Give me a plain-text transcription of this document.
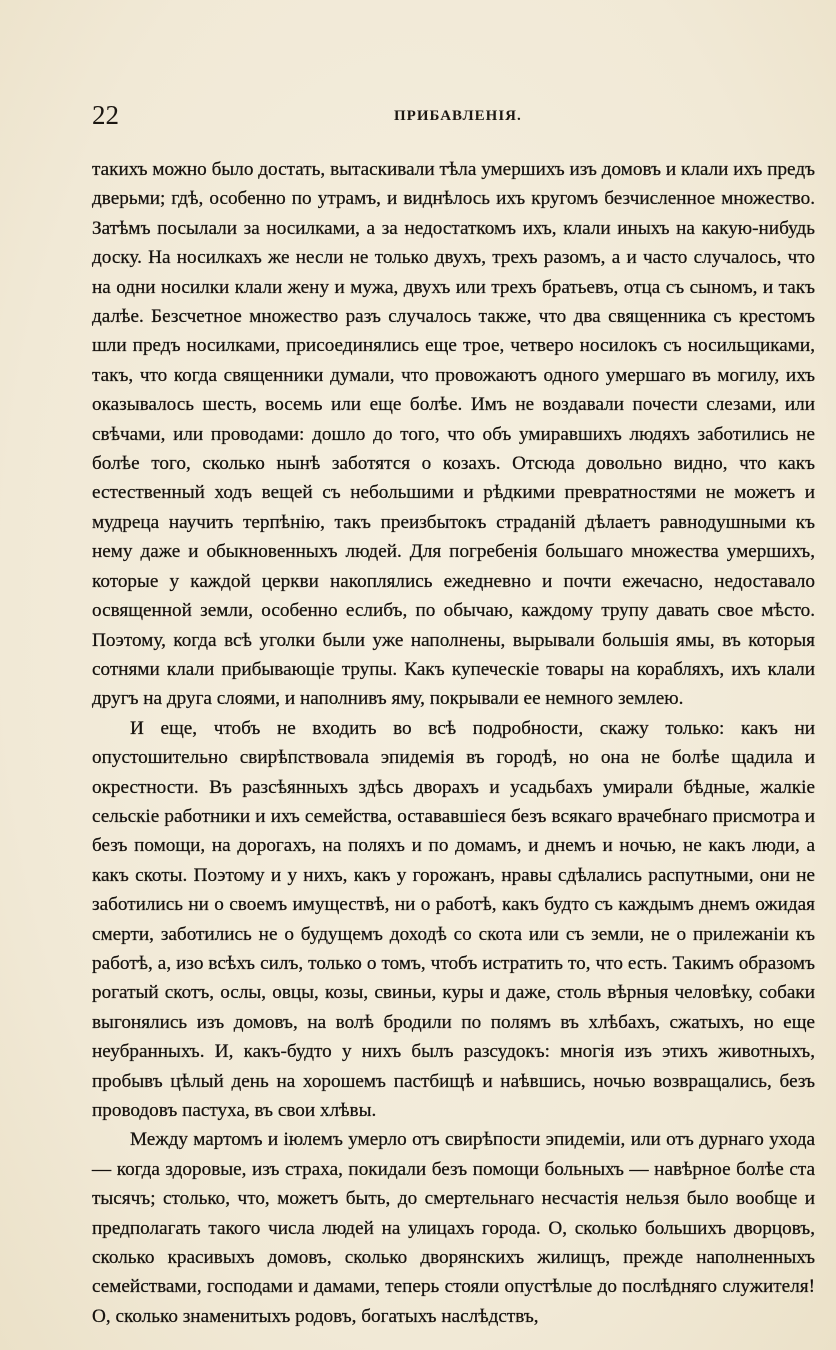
22	ПРИБАВЛЕНІЯ.

такихъ можно было достать, вытаскивали тѣла умершихъ изъ домовъ и клали ихъ предъ дверьми; гдѣ, особенно по утрамъ, и виднѣлось ихъ кругомъ безчисленное множество. Затѣмъ посылали за носилками, а за недостаткомъ ихъ, клали иныхъ на какую-нибудь доску. На носилкахъ же несли не только двухъ, трехъ разомъ, а и часто случалось, что на одни носилки клали жену и мужа, двухъ или трехъ братьевъ, отца съ сыномъ, и такъ далѣе. Безсчетное множество разъ случалось также, что два священника съ крестомъ шли предъ носилками, присоединялись еще трое, четверо носилокъ съ носильщиками, такъ, что когда священники думали, что провожаютъ одного умершаго въ могилу, ихъ оказывалось шесть, восемь или еще болѣе. Имъ не воздавали почести слезами, или свѣчами, или проводами: дошло до того, что объ умиравшихъ людяхъ заботились не болѣе того, сколько нынѣ заботятся о козахъ. Отсюда довольно видно, что какъ естественный ходъ вещей съ небольшими и рѣдкими превратностями не можетъ и мудреца научить терпѣнію, такъ преизбытокъ страданій дѣлаетъ равнодушными къ нему даже и обыкновенныхъ людей. Для погребенія большаго множества умершихъ, которые у каждой церкви накоплялись ежедневно и почти ежечасно, недоставало освященной земли, особенно еслибъ, по обычаю, каждому трупу давать свое мѣсто. Поэтому, когда всѣ уголки были уже наполнены, вырывали большія ямы, въ которыя сотнями клали прибывающіе трупы. Какъ купеческіе товары на корабляхъ, ихъ клали другъ на друга слоями, и наполнивъ яму, покрывали ее немного землею.

И еще, чтобъ не входить во всѣ подробности, скажу только: какъ ни опустошительно свирѣпствовала эпидемія въ городѣ, но она не болѣе щадила и окрестности. Въ разсѣянныхъ здѣсь дворахъ и усадьбахъ умирали бѣдные, жалкіе сельскіе работники и ихъ семейства, остававшіеся безъ всякаго врачебнаго присмотра и безъ помощи, на дорогахъ, на поляхъ и по домамъ, и днемъ и ночью, не какъ люди, а какъ скоты. Поэтому и у нихъ, какъ у горожанъ, нравы сдѣлались распутными, они не заботились ни о своемъ имуществѣ, ни о работѣ, какъ будто съ каждымъ днемъ ожидая смерти, заботились не о будущемъ доходѣ со скота или съ земли, не о прилежаніи къ работѣ, а, изо всѣхъ силъ, только о томъ, чтобъ истратить то, что есть. Такимъ образомъ рогатый скотъ, ослы, овцы, козы, свиньи, куры и даже, столь вѣрныя человѣку, собаки выгонялись изъ домовъ, на волѣ бродили по полямъ въ хлѣбахъ, сжатыхъ, но еще неубранныхъ. И, какъ-будто у нихъ былъ разсудокъ: многія изъ этихъ животныхъ, пробывъ цѣлый день на хорошемъ пастбищѣ и наѣвшись, ночью возвращались, безъ проводовъ пастуха, въ свои хлѣвы.

Между мартомъ и іюлемъ умерло отъ свирѣпости эпидеміи, или отъ дурнаго ухода — когда здоровые, изъ страха, покидали безъ помощи больныхъ — навѣрное болѣе ста тысячъ; столько, что, можетъ быть, до смертельнаго несчастія нельзя было вообще и предполагать такого числа людей на улицахъ города. О, сколько большихъ дворцовъ, сколько красивыхъ домовъ, сколько дворянскихъ жилищъ, прежде наполненныхъ семействами, господами и дамами, теперь стояли опустѣлые до послѣдняго служителя! О, сколько знаменитыхъ родовъ, богатыхъ наслѣдствъ,
